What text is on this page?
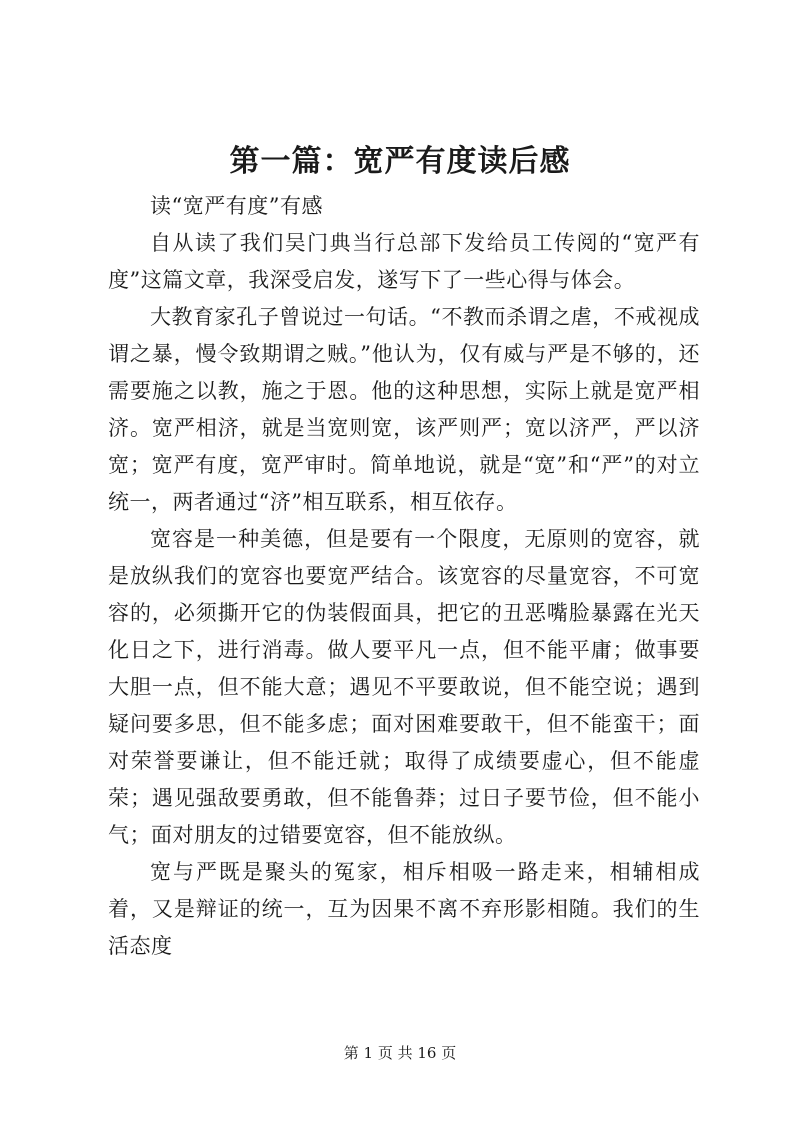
第一篇：宽严有度读后感

读“宽严有度”有感

自从读了我们吴门典当行总部下发给员工传阅的“宽严有度”这篇文章，我深受启发，遂写下了一些心得与体会。

大教育家孔子曾说过一句话。“不教而杀谓之虐，不戒视成谓之暴，慢令致期谓之贼。”他认为，仅有威与严是不够的，还需要施之以教，施之于恩。他的这种思想，实际上就是宽严相济。宽严相济，就是当宽则宽，该严则严；宽以济严，严以济宽；宽严有度，宽严审时。简单地说，就是“宽”和“严”的对立统一，两者通过“济”相互联系，相互依存。

宽容是一种美德，但是要有一个限度，无原则的宽容，就是放纵我们的宽容也要宽严结合。该宽容的尽量宽容，不可宽容的，必须撕开它的伪装假面具，把它的丑恶嘴脸暴露在光天化日之下，进行消毒。做人要平凡一点，但不能平庸；做事要大胆一点，但不能大意；遇见不平要敢说，但不能空说；遇到疑问要多思，但不能多虑；面对困难要敢干，但不能蛮干；面对荣誉要谦让，但不能迁就；取得了成绩要虚心，但不能虚荣；遇见强敌要勇敢，但不能鲁莽；过日子要节俭，但不能小气；面对朋友的过错要宽容，但不能放纵。

宽与严既是聚头的冤家，相斥相吸一路走来，相辅相成着，又是辩证的统一，互为因果不离不弃形影相随。我们的生活态度

第 1 页 共 16 页
